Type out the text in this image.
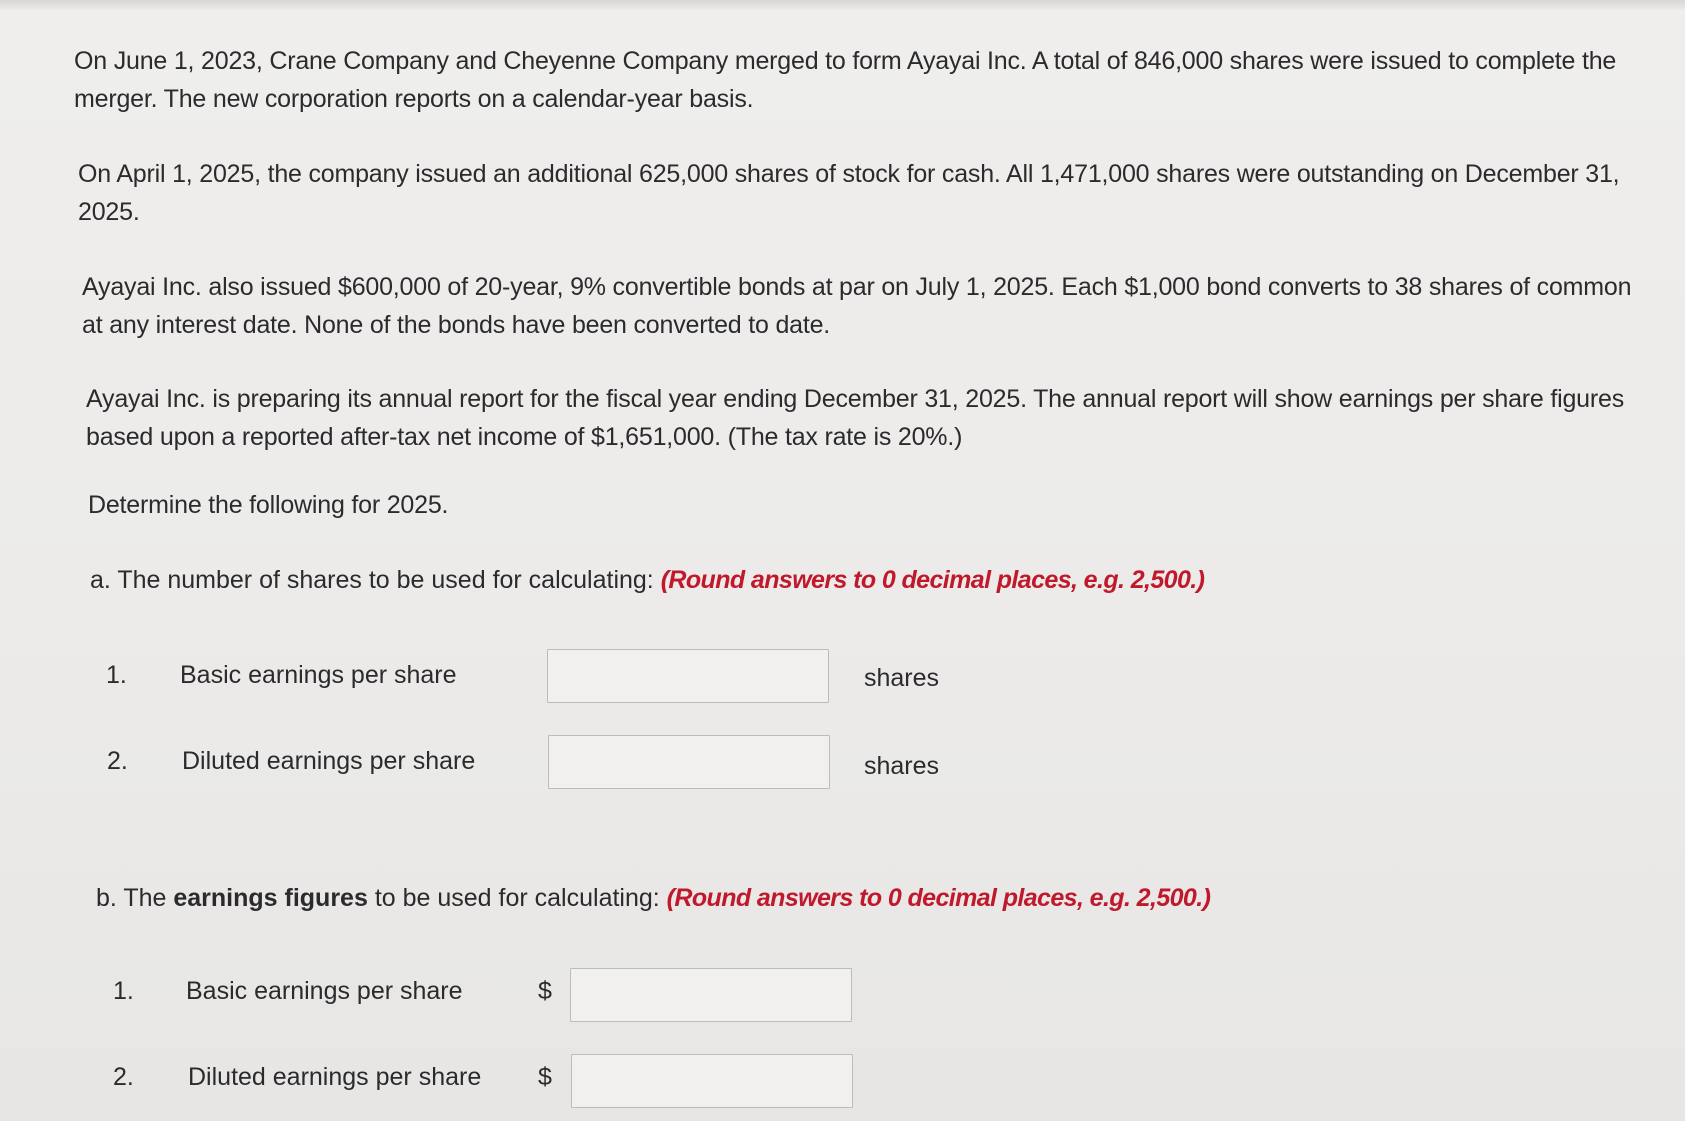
On June 1, 2023, Crane Company and Cheyenne Company merged to form Ayayai Inc. A total of 846,000 shares were issued to complete the merger. The new corporation reports on a calendar-year basis.

On April 1, 2025, the company issued an additional 625,000 shares of stock for cash. All 1,471,000 shares were outstanding on December 31, 2025.

Ayayai Inc. also issued $600,000 of 20-year, 9% convertible bonds at par on July 1, 2025. Each $1,000 bond converts to 38 shares of common at any interest date. None of the bonds have been converted to date.

Ayayai Inc. is preparing its annual report for the fiscal year ending December 31, 2025. The annual report will show earnings per share figures based upon a reported after-tax net income of $1,651,000. (The tax rate is 20%.)

Determine the following for 2025.

a. The number of shares to be used for calculating: (Round answers to 0 decimal places, e.g. 2,500.)
1. Basic earnings per share	shares
2. Diluted earnings per share	shares
b. The earnings figures to be used for calculating: (Round answers to 0 decimal places, e.g. 2,500.)
1. Basic earnings per share	$
2. Diluted earnings per share $
